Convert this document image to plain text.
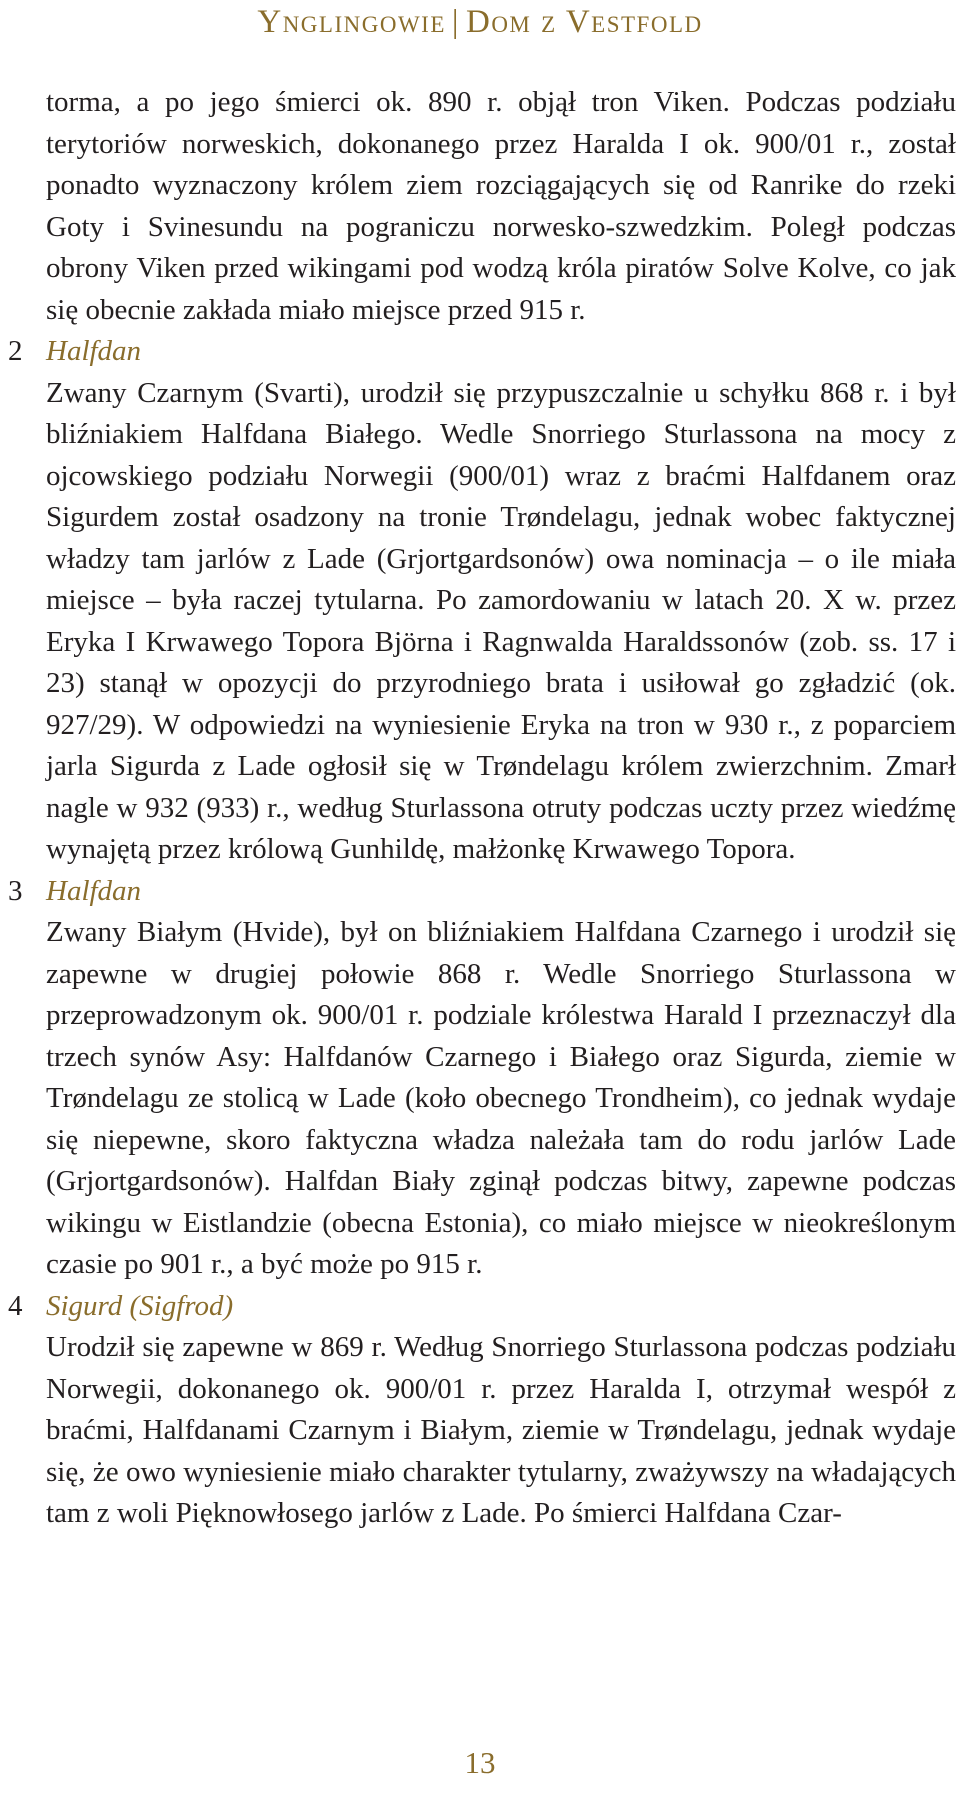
Ynglingowie | Dom z Vestfold

torma, a po jego śmierci ok. 890 r. objął tron Viken. Podczas podziału terytoriów norweskich, dokonanego przez Haralda I ok. 900/01 r., został ponadto wyznaczony królem ziem rozciągających się od Ranrike do rzeki Goty i Svinesundu na pograniczu norwesko-szwedzkim. Poległ podczas obrony Viken przed wikingami pod wodzą króla piratów Solve Kolve, co jak się obecnie zakłada miało miejsce przed 915 r.

2 Halfdan

Zwany Czarnym (Svarti), urodził się przypuszczalnie u schyłku 868 r. i był bliźniakiem Halfdana Białego. Wedle Snorriego Sturlassona na mocy z ojcowskiego podziału Norwegii (900/01) wraz z braćmi Halfdanem oraz Sigurdem został osadzony na tronie Trøndelagu, jednak wobec faktycznej władzy tam jarlów z Lade (Grjortgardsonów) owa nominacja – o ile miała miejsce – była raczej tytularna. Po zamordowaniu w latach 20. X w. przez Eryka I Krwawego Topora Björna i Ragnwalda Haraldssonów (zob. ss. 17 i 23) stanął w opozycji do przyrodniego brata i usiłował go zgładzić (ok. 927/29). W odpowiedzi na wyniesienie Eryka na tron w 930 r., z poparciem jarla Sigurda z Lade ogłosił się w Trøndelagu królem zwierzchnim. Zmarł nagle w 932 (933) r., według Sturlassona otruty podczas uczty przez wiedźmę wynajętą przez królową Gunhildę, małżonkę Krwawego Topora.

3 Halfdan

Zwany Białym (Hvide), był on bliźniakiem Halfdana Czarnego i urodził się zapewne w drugiej połowie 868 r. Wedle Snorriego Sturlassona w przeprowadzonym ok. 900/01 r. podziale królestwa Harald I przeznaczył dla trzech synów Asy: Halfdanów Czarnego i Białego oraz Sigurda, ziemie w Trøndelagu ze stolicą w Lade (koło obecnego Trondheim), co jednak wydaje się niepewne, skoro faktyczna władza należała tam do rodu jarlów Lade (Grjortgardsonów). Halfdan Biały zginął podczas bitwy, zapewne podczas wikingu w Eistlandzie (obecna Estonia), co miało miejsce w nieokreślonym czasie po 901 r., a być może po 915 r.

4 Sigurd (Sigfrod)

Urodził się zapewne w 869 r. Według Snorriego Sturlassona podczas podziału Norwegii, dokonanego ok. 900/01 r. przez Haralda I, otrzymał wespół z braćmi, Halfdanami Czarnym i Białym, ziemie w Trøndelagu, jednak wydaje się, że owo wyniesienie miało charakter tytularny, zważywszy na władających tam z woli Pięknowłosego jarlów z Lade. Po śmierci Halfdana Czar-

13
